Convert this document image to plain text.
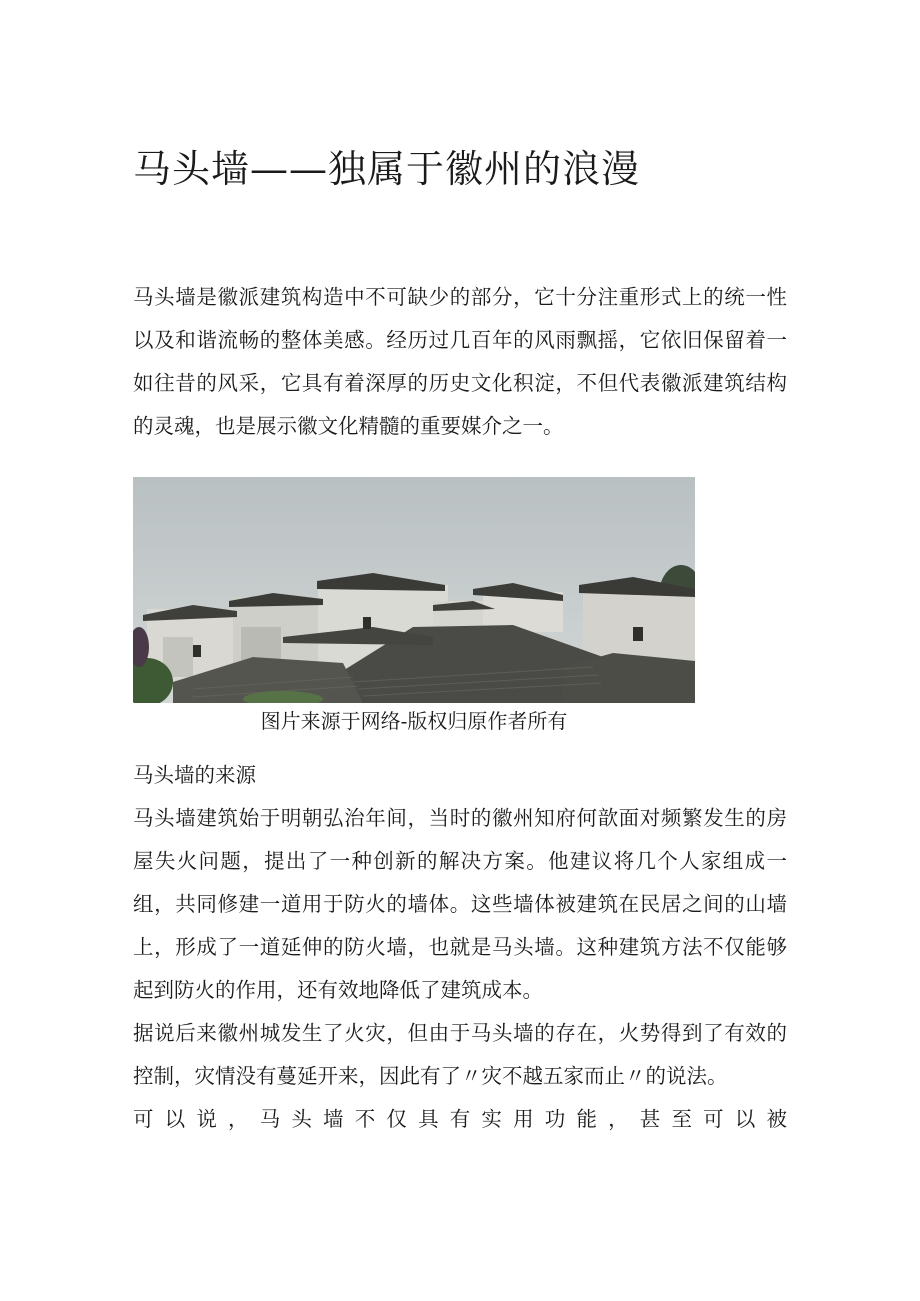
马头墙——独属于徽州的浪漫

马头墙是徽派建筑构造中不可缺少的部分，它十分注重形式上的统一性以及和谐流畅的整体美感。经历过几百年的风雨飘摇，它依旧保留着一如往昔的风采，它具有着深厚的历史文化积淀，不但代表徽派建筑结构的灵魂，也是展示徽文化精髓的重要媒介之一。

图片来源于网络-版权归原作者所有
马头墙的来源

马头墙建筑始于明朝弘治年间，当时的徽州知府何歆面对频繁发生的房屋失火问题，提出了一种创新的解决方案。他建议将几个人家组成一组，共同修建一道用于防火的墙体。这些墙体被建筑在民居之间的山墙上，形成了一道延伸的防火墙，也就是马头墙。这种建筑方法不仅能够起到防火的作用，还有效地降低了建筑成本。

据说后来徽州城发生了火灾，但由于马头墙的存在，火势得到了有效的控制，灾情没有蔓延开来，因此有了〃灾不越五家而止〃的说法。

可以说，马头墙不仅具有实用功能，甚至可以被
